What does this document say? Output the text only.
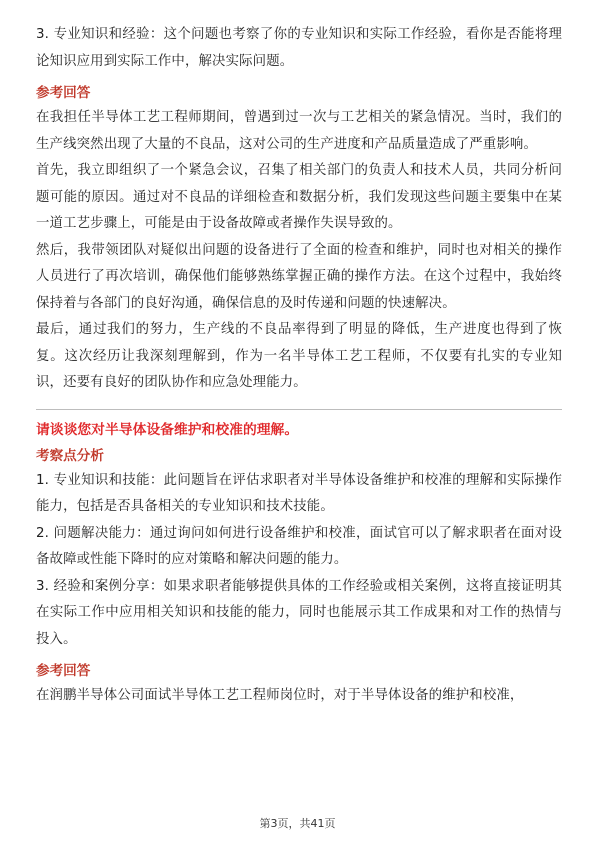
3. 专业知识和经验：这个问题也考察了你的专业知识和实际工作经验，看你是否能将理论知识应用到实际工作中，解决实际问题。

参考回答

在我担任半导体工艺工程师期间，曾遇到过一次与工艺相关的紧急情况。当时，我们的生产线突然出现了大量的不良品，这对公司的生产进度和产品质量造成了严重影响。

首先，我立即组织了一个紧急会议，召集了相关部门的负责人和技术人员，共同分析问题可能的原因。通过对不良品的详细检查和数据分析，我们发现这些问题主要集中在某一道工艺步骤上，可能是由于设备故障或者操作失误导致的。

然后，我带领团队对疑似出问题的设备进行了全面的检查和维护，同时也对相关的操作人员进行了再次培训，确保他们能够熟练掌握正确的操作方法。在这个过程中，我始终保持着与各部门的良好沟通，确保信息的及时传递和问题的快速解决。

最后，通过我们的努力，生产线的不良品率得到了明显的降低，生产进度也得到了恢复。这次经历让我深刻理解到，作为一名半导体工艺工程师，不仅要有扎实的专业知识，还要有良好的团队协作和应急处理能力。

请谈谈您对半导体设备维护和校准的理解。

考察点分析

1. 专业知识和技能：此问题旨在评估求职者对半导体设备维护和校准的理解和实际操作能力，包括是否具备相关的专业知识和技术技能。

2. 问题解决能力：通过询问如何进行设备维护和校准，面试官可以了解求职者在面对设备故障或性能下降时的应对策略和解决问题的能力。

3. 经验和案例分享：如果求职者能够提供具体的工作经验或相关案例，这将直接证明其在实际工作中应用相关知识和技能的能力，同时也能展示其工作成果和对工作的热情与投入。

参考回答

在润鹏半导体公司面试半导体工艺工程师岗位时，对于半导体设备的维护和校准，

第3页，共41页
